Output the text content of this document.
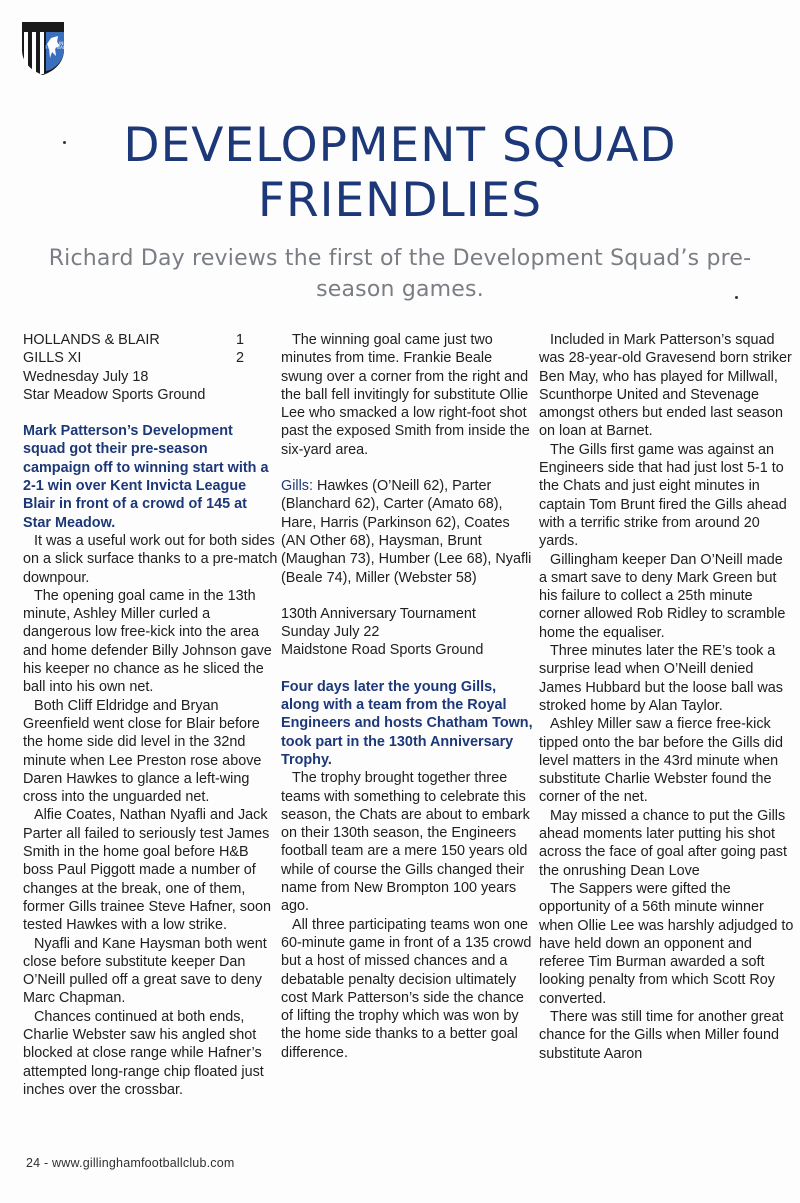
GILLINGHAM FOOTBALL CLUB
DEVELOPMENT SQUAD
FRIENDLIES

Richard Day reviews the first of the Development Squad’s pre-season games.

HOLLANDS & BLAIR	1
GILLS XI	2

Wednesday July 18

Star Meadow Sports Ground

Mark Patterson’s Development squad got their pre-season campaign off to winning start with a 2-1 win over Kent Invicta League Blair in front of a crowd of 145 at Star Meadow.

It was a useful work out for both sides on a slick surface thanks to a pre-match downpour.

The opening goal came in the 13th minute, Ashley Miller curled a dangerous low free-kick into the area and home defender Billy Johnson gave his keeper no chance as he sliced the ball into his own net.

Both Cliff Eldridge and Bryan Greenfield went close for Blair before the home side did level in the 32nd minute when Lee Preston rose above Daren Hawkes to glance a left-wing cross into the unguarded net.

Alfie Coates, Nathan Nyafli and Jack Parter all failed to seriously test James Smith in the home goal before H&B boss Paul Piggott made a number of changes at the break, one of them, former Gills trainee Steve Hafner, soon tested Hawkes with a low strike.

Nyafli and Kane Haysman both went close before substitute keeper Dan O’Neill pulled off a great save to deny Marc Chapman.

Chances continued at both ends, Charlie Webster saw his angled shot blocked at close range while Hafner’s attempted long-range chip floated just inches over the crossbar.

The winning goal came just two minutes from time. Frankie Beale swung over a corner from the right and the ball fell invitingly for substitute Ollie Lee who smacked a low right-foot shot past the exposed Smith from inside the six-yard area.

Gills: Hawkes (O’Neill 62), Parter (Blanchard 62), Carter (Amato 68), Hare, Harris (Parkinson 62), Coates (AN Other 68), Haysman, Brunt (Maughan 73), Humber (Lee 68), Nyafli (Beale 74), Miller (Webster 58)

130th Anniversary Tournament

Sunday July 22

Maidstone Road Sports Ground

Four days later the young Gills, along with a team from the Royal Engineers and hosts Chatham Town, took part in the 130th Anniversary Trophy.

The trophy brought together three teams with something to celebrate this season, the Chats are about to embark on their 130th season, the Engineers football team are a mere 150 years old while of course the Gills changed their name from New Brompton 100 years ago.

All three participating teams won one 60-minute game in front of a 135 crowd but a host of missed chances and a debatable penalty decision ultimately cost Mark Patterson’s side the chance of lifting the trophy which was won by the home side thanks to a better goal difference.

Included in Mark Patterson’s squad was 28-year-old Gravesend born striker Ben May, who has played for Millwall, Scunthorpe United and Stevenage amongst others but ended last season on loan at Barnet.

The Gills first game was against an Engineers side that had just lost 5-1 to the Chats and just eight minutes in captain Tom Brunt fired the Gills ahead with a terrific strike from around 20 yards.

Gillingham keeper Dan O’Neill made a smart save to deny Mark Green but his failure to collect a 25th minute corner allowed Rob Ridley to scramble home the equaliser.

Three minutes later the RE’s took a surprise lead when O’Neill denied James Hubbard but the loose ball was stroked home by Alan Taylor.

Ashley Miller saw a fierce free-kick tipped onto the bar before the Gills did level matters in the 43rd minute when substitute Charlie Webster found the corner of the net.

May missed a chance to put the Gills ahead moments later putting his shot across the face of goal after going past the onrushing Dean Love

The Sappers were gifted the opportunity of a 56th minute winner when Ollie Lee was harshly adjudged to have held down an opponent and referee Tim Burman awarded a soft looking penalty from which Scott Roy converted.

There was still time for another great chance for the Gills when Miller found substitute Aaron

24 - www.gillinghamfootballclub.com
